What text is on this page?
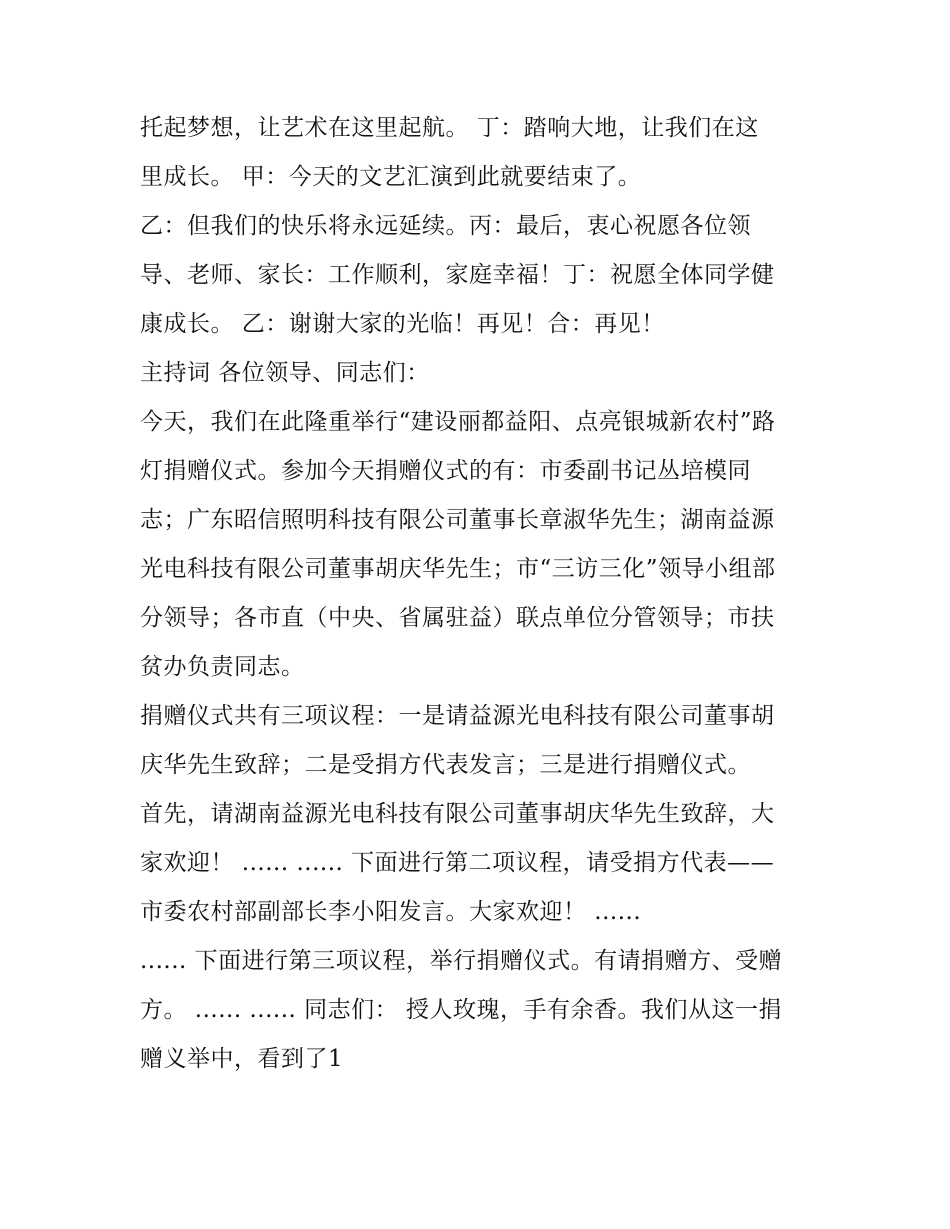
托起梦想，让艺术在这里起航。 丁：踏响大地，让我们在这
里成长。 甲：今天的文艺汇演到此就要结束了。
乙：但我们的快乐将永远延续。丙：最后，衷心祝愿各位领
导、老师、家长：工作顺利，家庭幸福！丁：祝愿全体同学健
康成长。 乙：谢谢大家的光临！再见！合：再见！
主持词 各位领导、同志们：
今天，我们在此隆重举行“建设丽都益阳、点亮银城新农村”路
灯捐赠仪式。参加今天捐赠仪式的有：市委副书记丛培模同
志；广东昭信照明科技有限公司董事长章淑华先生；湖南益源
光电科技有限公司董事胡庆华先生；市“三访三化”领导小组部
分领导；各市直（中央、省属驻益）联点单位分管领导；市扶
贫办负责同志。
捐赠仪式共有三项议程：一是请益源光电科技有限公司董事胡
庆华先生致辞；二是受捐方代表发言；三是进行捐赠仪式。
首先，请湖南益源光电科技有限公司董事胡庆华先生致辞，大
家欢迎！ ...... ...... 下面进行第二项议程，请受捐方代表——
市委农村部副部长李小阳发言。大家欢迎！ ......
...... 下面进行第三项议程，举行捐赠仪式。有请捐赠方、受赠
方。 ...... ...... 同志们： 授人玫瑰，手有余香。我们从这一捐
赠义举中，看到了1
